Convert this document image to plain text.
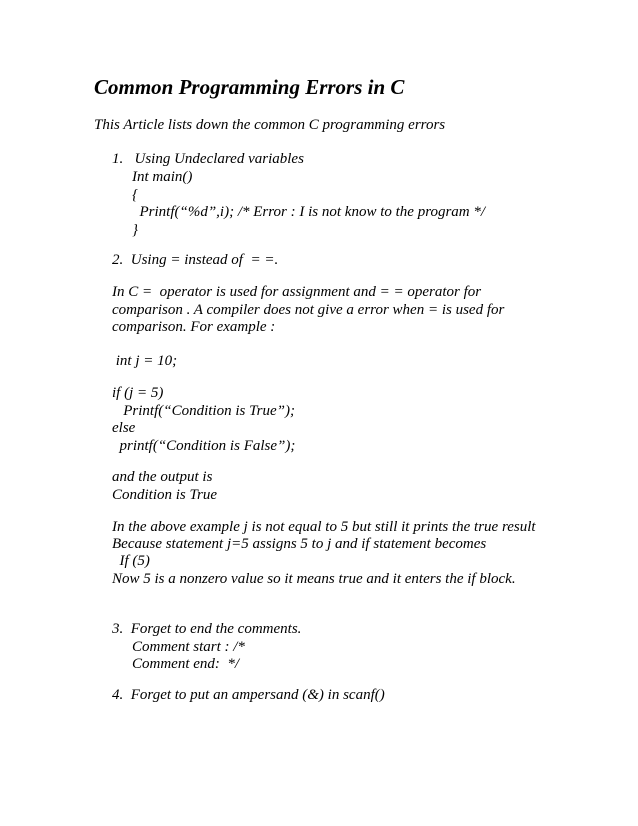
Common Programming Errors in C
This Article lists down the common C programming errors
1.   Using Undeclared variables
Int main()
{
Printf(“%d”,i); /* Error : I is not know to the program */
}
2.  Using = instead of  = =.
In C =  operator is used for assignment and = = operator for
comparison . A compiler does not give a error when = is used for
comparison. For example :
int j = 10;
if (j = 5)
Printf(“Condition is True”);
else
printf(“Condition is False”);
and the output is
Condition is True
In the above example j is not equal to 5 but still it prints the true result
Because statement j=5 assigns 5 to j and if statement becomes
If (5)
Now 5 is a nonzero value so it means true and it enters the if block.
3.  Forget to end the comments.
Comment start : /*
Comment end:  */
4.  Forget to put an ampersand (&) in scanf()
